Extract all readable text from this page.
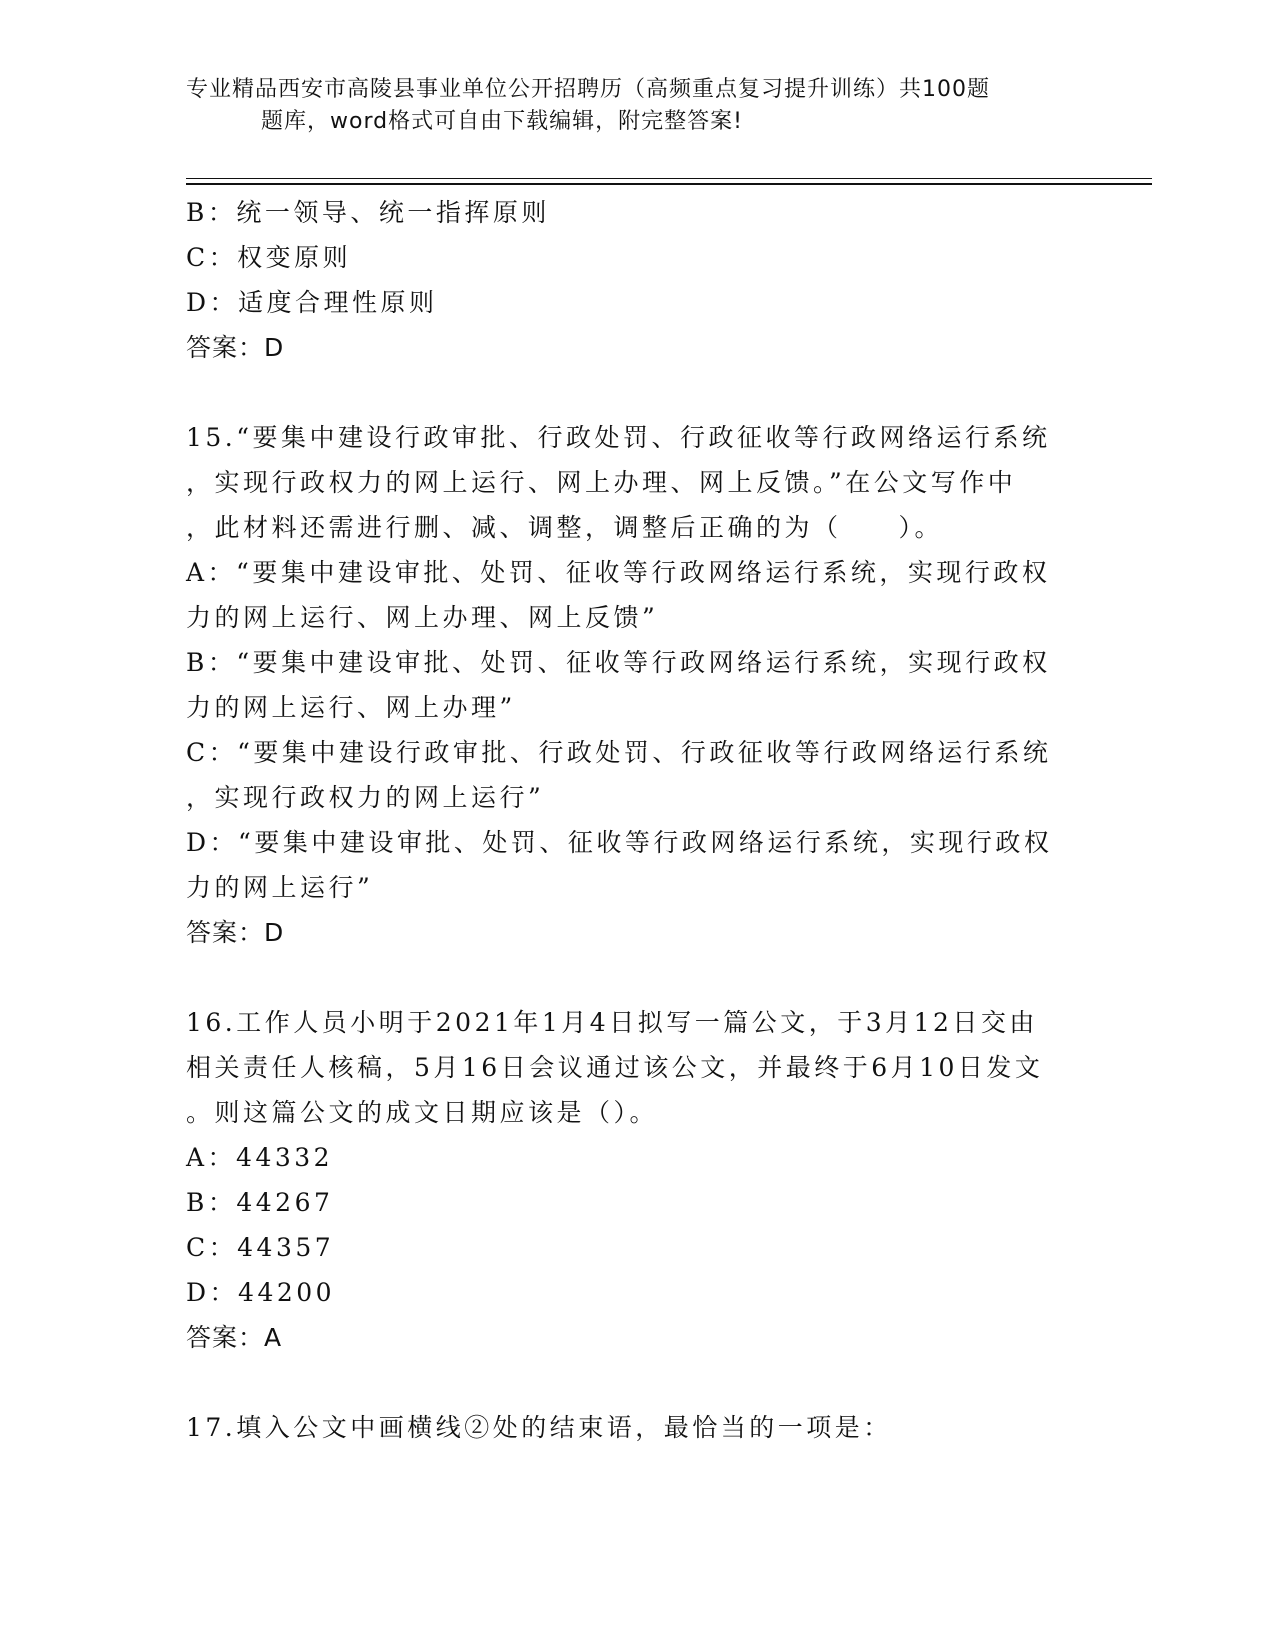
专业精品西安市高陵县事业单位公开招聘历（高频重点复习提升训练）共100题
题库，word格式可自由下载编辑，附完整答案!
B：统一领导、统一指挥原则
C：权变原则
D：适度合理性原则
答案：D
15.“要集中建设行政审批、行政处罚、行政征收等行政网络运行系统
，实现行政权力的网上运行、网上办理、网上反馈。”在公文写作中
，此材料还需进行删、减、调整，调整后正确的为（　　）。
A：“要集中建设审批、处罚、征收等行政网络运行系统，实现行政权
力的网上运行、网上办理、网上反馈”
B：“要集中建设审批、处罚、征收等行政网络运行系统，实现行政权
力的网上运行、网上办理”
C：“要集中建设行政审批、行政处罚、行政征收等行政网络运行系统
，实现行政权力的网上运行”
D：“要集中建设审批、处罚、征收等行政网络运行系统，实现行政权
力的网上运行”
答案：D
16.工作人员小明于2021年1月4日拟写一篇公文，于3月12日交由
相关责任人核稿，5月16日会议通过该公文，并最终于6月10日发文
。则这篇公文的成文日期应该是（）。
A：44332
B：44267
C：44357
D：44200
答案：A
17.填入公文中画横线②处的结束语，最恰当的一项是：
